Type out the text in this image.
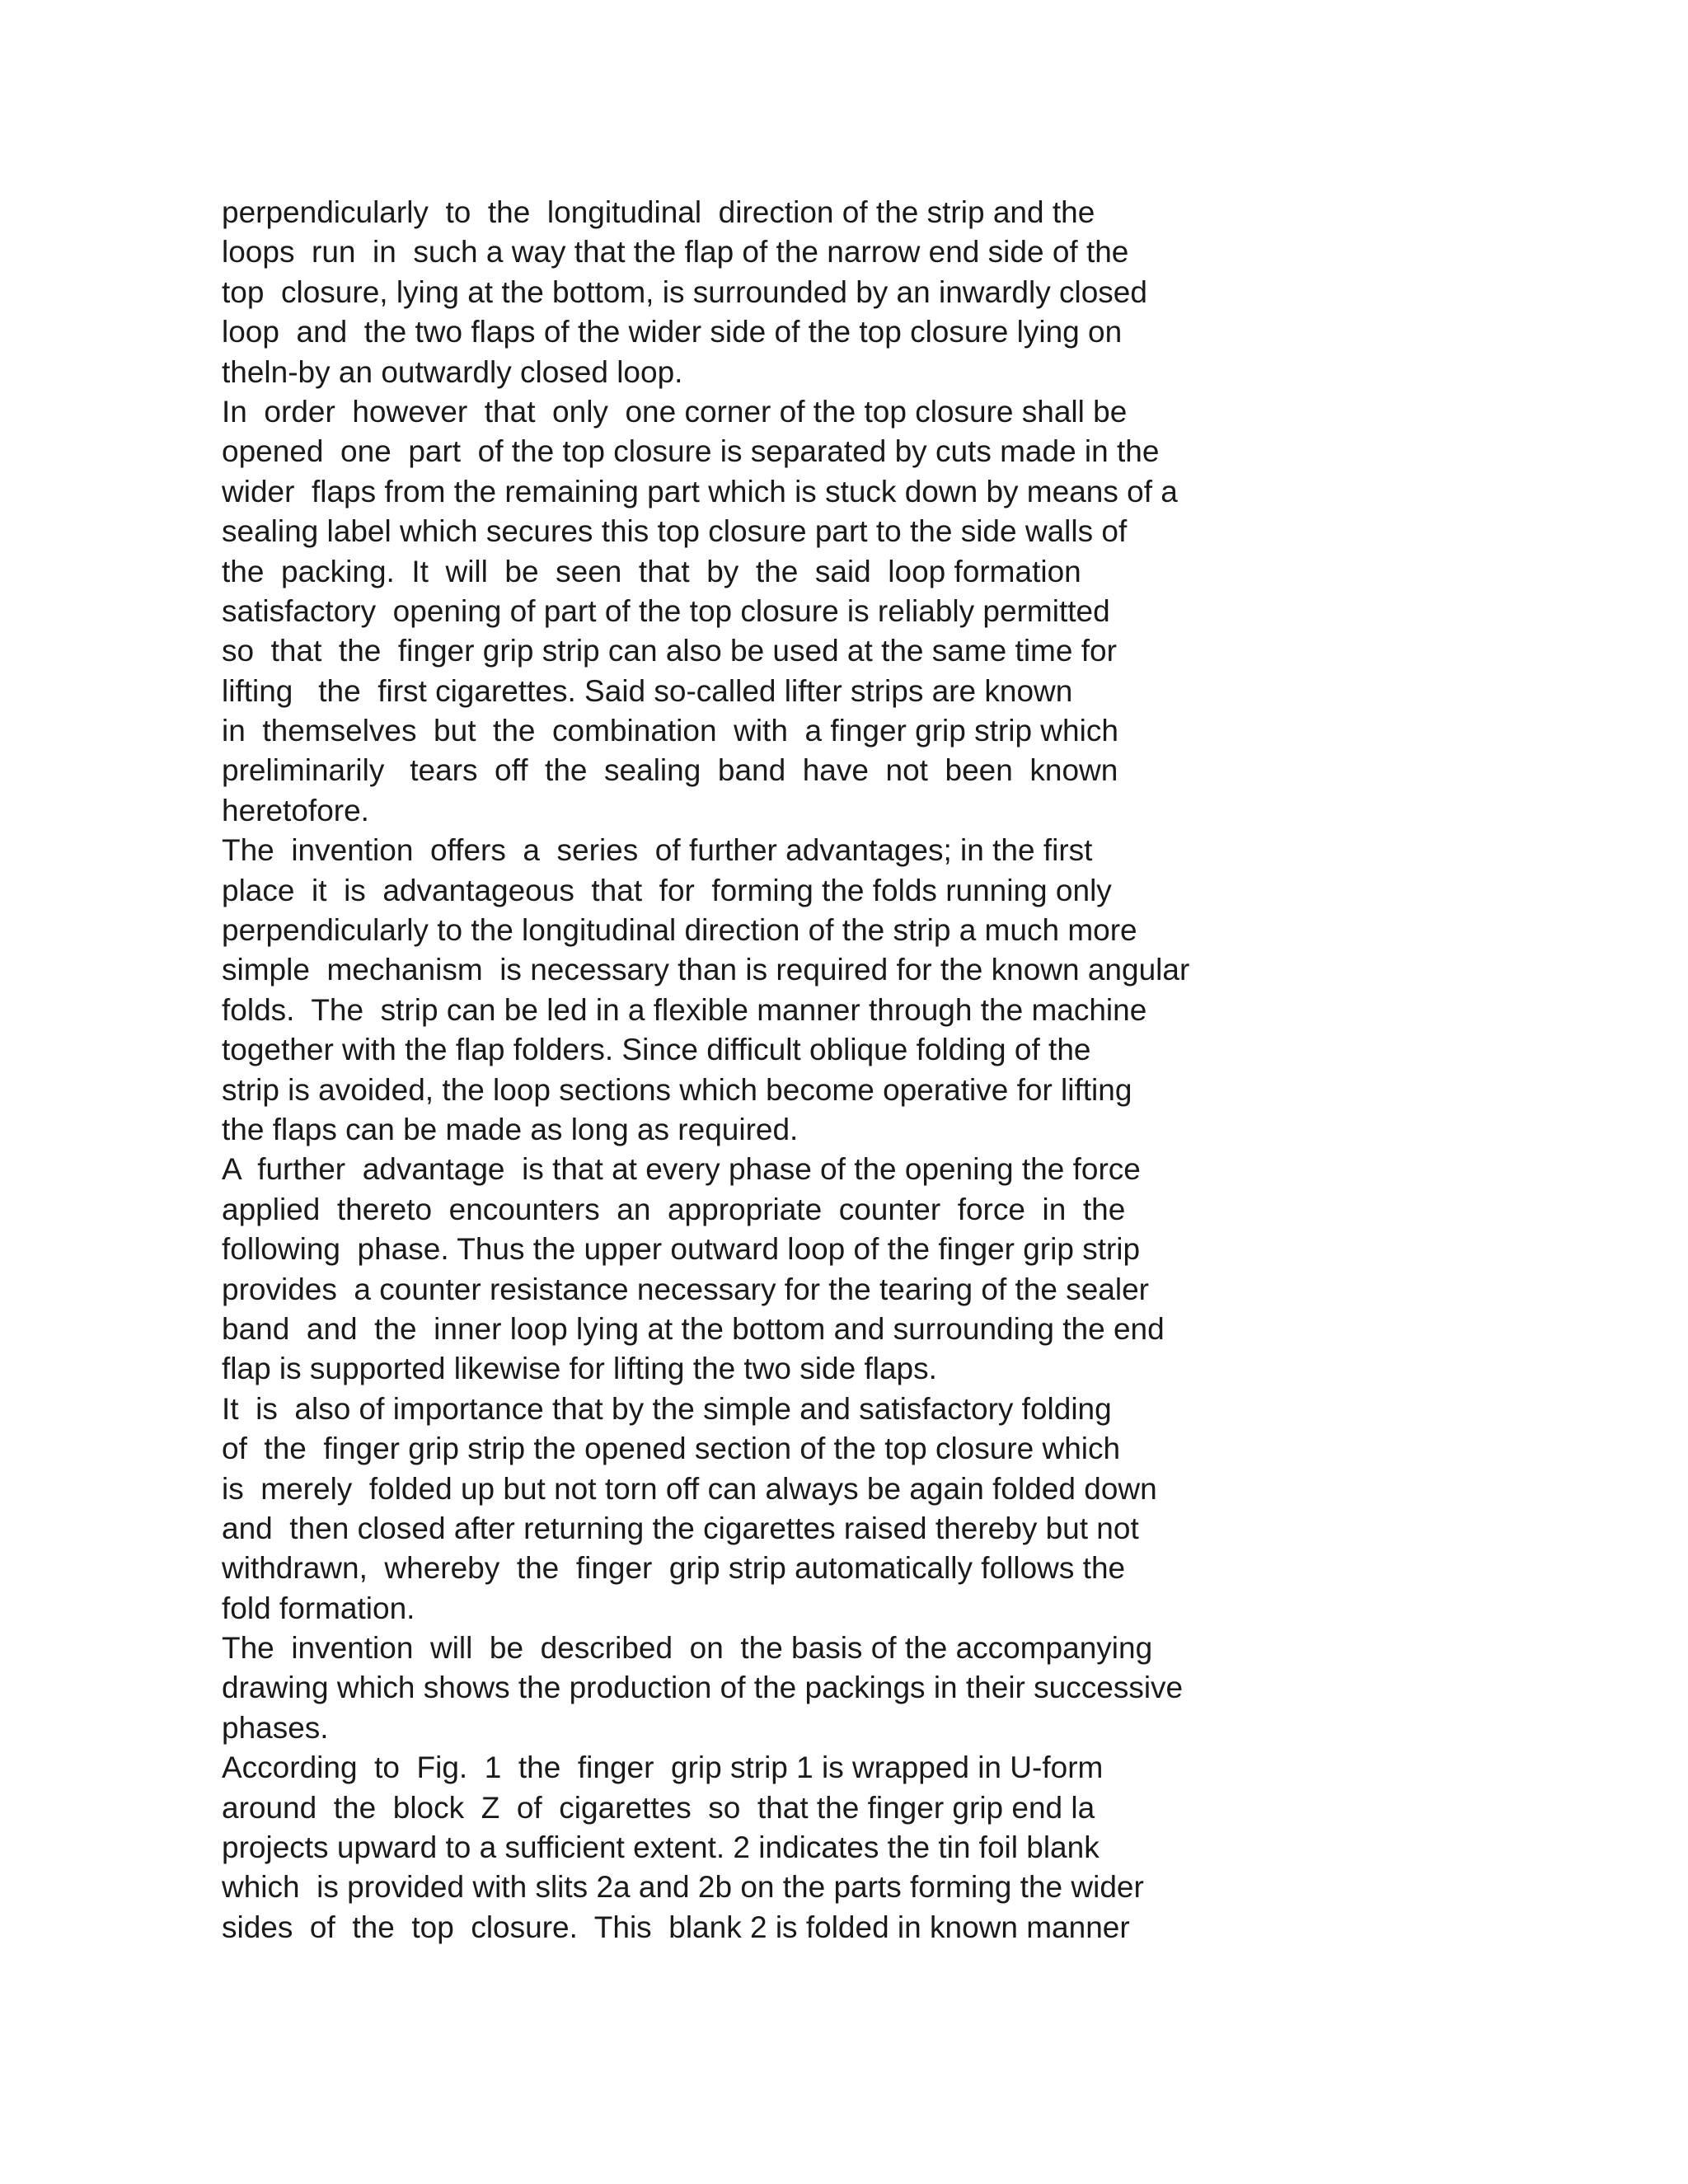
perpendicularly  to  the  longitudinal  direction of the strip and the

loops  run  in  such a way that the flap of the narrow end side of the

top  closure, lying at the bottom, is surrounded by an inwardly closed

loop  and  the two flaps of the wider side of the top closure lying on

theln-by an outwardly closed loop.

In  order  however  that  only  one corner of the top closure shall be

opened  one  part  of the top closure is separated by cuts made in the

wider  flaps from the remaining part which is stuck down by means of a

sealing label which secures this top closure part to the side walls of

the  packing.  It  will  be  seen  that  by  the  said  loop formation

satisfactory  opening of part of the top closure is reliably permitted

so  that  the  finger grip strip can also be used at the same time for

lifting   the  first cigarettes. Said so-called lifter strips are known

in  themselves  but  the  combination  with  a finger grip strip which

preliminarily   tears  off  the  sealing  band  have  not  been  known

heretofore.

The  invention  offers  a  series  of further advantages; in the first

place  it  is  advantageous  that  for  forming the folds running only

perpendicularly to the longitudinal direction of the strip a much more

simple  mechanism  is necessary than is required for the known angular

folds.  The  strip can be led in a flexible manner through the machine

together with the flap folders. Since difficult oblique folding of the

strip is avoided, the loop sections which become operative for lifting

the flaps can be made as long as required.

A  further  advantage  is that at every phase of the opening the force

applied  thereto  encounters  an  appropriate  counter  force  in  the

following  phase. Thus the upper outward loop of the finger grip strip

provides  a counter resistance necessary for the tearing of the sealer

band  and  the  inner loop lying at the bottom and surrounding the end

flap is supported likewise for lifting the two side flaps.

It  is  also of importance that by the simple and satisfactory folding

of  the  finger grip strip the opened section of the top closure which

is  merely  folded up but not torn off can always be again folded down

and  then closed after returning the cigarettes raised thereby but not

withdrawn,  whereby  the  finger  grip strip automatically follows the

fold formation.

The  invention  will  be  described  on  the basis of the accompanying

drawing which shows the production of the packings in their successive

phases.

According  to  Fig.  1  the  finger  grip strip 1 is wrapped in U-form

around  the  block  Z  of  cigarettes  so  that the finger grip end la

projects upward to a sufficient extent. 2 indicates the tin foil blank

which  is provided with slits 2a and 2b on the parts forming the wider

sides  of  the  top  closure.  This  blank 2 is folded in known manner
